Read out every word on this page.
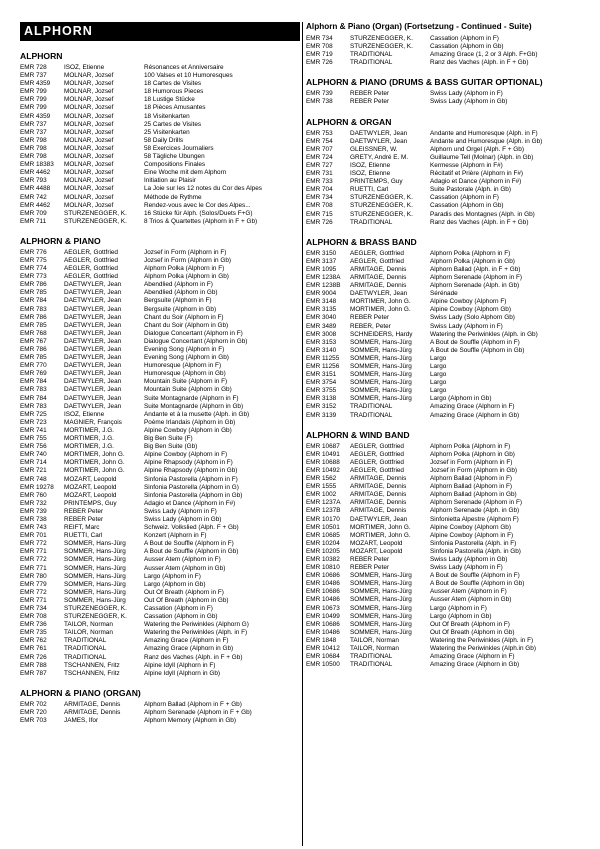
ALPHORN
ALPHORN
EMR 728	ISOZ, Etienne	Résonances et Anniversaire
EMR 737	MOLNAR, Jozsef	100 Valses et 10 Humoresques
EMR 4359	MOLNAR, Jozsef	18 Cartes de Visites
EMR 799	MOLNAR, Jozsef	18 Humorous Pieces
EMR 799	MOLNAR, Jozsef	18 Lustige Stücke
EMR 799	MOLNAR, Jozsef	18 Pièces Amusantes
EMR 4359	MOLNAR, Jozsef	18 Visitenkarten
EMR 737	MOLNAR, Jozsef	25 Cartes de Visites
EMR 737	MOLNAR, Jozsef	25 Visitenkarten
EMR 798	MOLNAR, Jozsef	58 Daily Drills
EMR 798	MOLNAR, Jozsef	58 Exercices Journaliers
EMR 798	MOLNAR, Jozsef	58 Tägliche Übungen
EMR 18383	MOLNAR, Jozsef	Compositions Finales
EMR 4462	MOLNAR, Jozsef	Eine Woche mit dem Alphorn
EMR 793	MOLNAR, Jozsef	Initiation au Plaisir
EMR 4488	MOLNAR, Jozsef	La Joie sur les 12 notes du Cor des Alpes
EMR 742	MOLNAR, Jozsef	Méthode de Rythme
EMR 4462	MOLNAR, Jozsef	Rendez-vous avec le Cor des Alpes...
EMR 709	STURZENEGGER, K.	16 Stücke für Alph. (Solos/Duets F+G)
EMR 711	STURZENEGGER, K.	8 Trios & Quartettes (Alphorn in F + Gb)
ALPHORN & PIANO
EMR 776	AEGLER, Gottfried	Jozsef in Form (Alphorn in F)
EMR 775	AEGLER, Gottfried	Jozsef in Form (Alphorn in Gb)
EMR 774	AEGLER, Gottfried	Alphorn Polka (Alphorn in F)
EMR 773	AEGLER, Gottfried	Alphorn Polka (Alphorn in Gb)
EMR 786	DAETWYLER, Jean	Abendlied (Alphorn in F)
EMR 785	DAETWYLER, Jean	Abendlied (Alphorn in Gb)
EMR 784	DAETWYLER, Jean	Bergsuite (Alphorn in F)
EMR 783	DAETWYLER, Jean	Bergsuite (Alphorn in Gb)
EMR 786	DAETWYLER, Jean	Chant du Soir (Alphorn in F)
EMR 785	DAETWYLER, Jean	Chant du Soir (Alphorn in Gb)
EMR 768	DAETWYLER, Jean	Dialogue Concertant (Alphorn in F)
EMR 767	DAETWYLER, Jean	Dialogue Concertant (Alphorn in Gb)
EMR 786	DAETWYLER, Jean	Evening Song (Alphorn in F)
EMR 785	DAETWYLER, Jean	Evening Song (Alphorn in Gb)
EMR 770	DAETWYLER, Jean	Humoresque (Alphorn in F)
EMR 769	DAETWYLER, Jean	Humoresque (Alphorn in Gb)
EMR 784	DAETWYLER, Jean	Mountain Suite (Alphorn in F)
EMR 783	DAETWYLER, Jean	Mountain Suite (Alphorn in Gb)
EMR 784	DAETWYLER, Jean	Suite Montagnarde (Alphorn in F)
EMR 783	DAETWYLER, Jean	Suite Montagnarde (Alphorn in Gb)
EMR 725	ISOZ, Etienne	Andante et à la musette (Alph. in Gb)
EMR 723	MAGNIER, François	Poème Irlandais (Alphorn in Gb)
EMR 741	MORTIMER, J.G.	Alpine Cowboy (Alphorn in Gb)
EMR 755	MORTIMER, J.G.	Big Ben Suite (F)
EMR 756	MORTIMER, J.G.	Big Ben Suite (Gb)
EMR 740	MORTIMER, John G.	Alpine Cowboy (Alphorn in F)
EMR 714	MORTIMER, John G.	Alpine Rhapsody (Alphorn in F)
EMR 721	MORTIMER, John G.	Alpine Rhapsody (Alphorn in Gb)
EMR 748	MOZART, Leopold	Sinfonia Pastorella (Alphorn in F)
EMR 19278	MOZART, Leopold	Sinfonia Pastorella (Alphorn in G)
EMR 760	MOZART, Leopold	Sinfonia Pastorella (Alphorn in Gb)
EMR 732	PRINTEMPS, Guy	Adagio et Dance (Alphorn in F#)
EMR 739	REBER Peter	Swiss Lady (Alphorn in F)
EMR 738	REBER Peter	Swiss Lady (Alphorn in Gb)
EMR 743	REIFT, Marc	Schweiz. Volkslied (Alph. F + Gb)
EMR 701	RUETTI, Carl	Konzert (Alphorn in F)
EMR 772	SOMMER, Hans-Jürg	A Bout de Souffle (Alphorn in F)
EMR 771	SOMMER, Hans-Jürg	A Bout de Souffle (Alphorn in Gb)
EMR 772	SOMMER, Hans-Jürg	Ausser Atem (Alphorn in F)
EMR 771	SOMMER, Hans-Jürg	Ausser Atem (Alphorn in Gb)
EMR 780	SOMMER, Hans-Jürg	Largo (Alphorn in F)
EMR 779	SOMMER, Hans-Jürg	Largo (Alphorn in Gb)
EMR 772	SOMMER, Hans-Jürg	Out Of Breath (Alphorn in F)
EMR 771	SOMMER, Hans-Jürg	Out Of Breath (Alphorn in Gb)
EMR 734	STURZENEGGER, K.	Cassation (Alphorn in F)
EMR 708	STURZENEGGER, K.	Cassation (Alphorn in Gb)
EMR 736	TAILOR, Norman	Watering the Periwinkles (Alphorn G)
EMR 735	TAILOR, Norman	Watering the Periwinkles (Alph. in F)
EMR 762	TRADITIONAL	Amazing Grace (Alphorn in F)
EMR 761	TRADITIONAL	Amazing Grace (Alphorn in Gb)
EMR 726	TRADITIONAL	Ranz des Vaches (Alph. in F + Gb)
EMR 788	TSCHANNEN, Fritz	Alpine Idyll (Alphorn in F)
EMR 787	TSCHANNEN, Fritz	Alpine Idyll (Alphorn in Gb)
ALPHORN & PIANO (ORGAN)
EMR 702	ARMITAGE, Dennis	Alphorn Ballad (Alphorn in F + Gb)
EMR 720	ARMITAGE, Dennis	Alphorn Serenade (Alphorn in F + Gb)
EMR 703	JAMES, Ifor	Alphorn Memory (Alphorn in Gb)
Alphorn & Piano (Organ) (Fortsetzung - Continued - Suite)
EMR 734	STURZENEGGER, K.	Cassation (Alphorn in F)
EMR 708	STURZENEGGER, K.	Cassation (Alphorn in Gb)
EMR 719	TRADITIONAL	Amazing Grace (1, 2 or 3 Alph. F+Gb)
EMR 726	TRADITIONAL	Ranz des Vaches (Alph. in F + Gb)
ALPHORN & PIANO (DRUMS & BASS GUITAR OPTIONAL)
EMR 739	REBER Peter	Swiss Lady (Alphorn in F)
EMR 738	REBER Peter	Swiss Lady (Alphorn in Gb)
ALPHORN & ORGAN
EMR 753	DAETWYLER, Jean	Andante and Humoresque (Alph. in F)
EMR 754	DAETWYLER, Jean	Andante and Humoresque (Alph. in Gb)
EMR 707	GLEISSNER, W.	Alphorn und Orgel (Alph. F + Gb)
EMR 724	GRETY, André E. M.	Guillaume Tell (Molnar) (Alph. in Gb)
EMR 727	ISOZ, Etienne	Kermesse (Alphorn in F#)
EMR 731	ISOZ, Etienne	Récitatif et Prière (Alphorn in F#)
EMR 733	PRINTEMPS, Guy	Adagio et Dance (Alphorn in F#)
EMR 704	RUETTI, Carl	Suite Pastorale (Alph. in Gb)
EMR 734	STURZENEGGER, K.	Cassation (Alphorn in F)
EMR 708	STURZENEGGER, K.	Cassation (Alphorn in Gb)
EMR 715	STURZENEGGER, K.	Paradis des Montagnes (Alph. in Gb)
EMR 726	TRADITIONAL	Ranz des Vaches (Alph. in F + Gb)
ALPHORN & BRASS BAND
EMR 3150	AEGLER, Gottfried	Alphorn Polka (Alphorn in F)
EMR 3137	AEGLER, Gottfried	Alphorn Polka (Alphorn in Gb)
EMR 1095	ARMITAGE, Dennis	Alphorn Ballad (Alph. in F + Gb)
EMR 1238A	ARMITAGE, Dennis	Alphorn Serenade (Alphorn in F)
EMR 1238B	ARMITAGE, Dennis	Alphorn Serenade (Alph. in Gb)
EMR 9004	DAETWYLER, Jean	Sérénade
EMR 3148	MORTIMER, John G.	Alpine Cowboy (Alphorn F)
EMR 3135	MORTIMER, John G.	Alpine Cowboy (Alphorn Gb)
EMR 3040	REBER Peter	Swiss Lady (Solo Alphorn Gb)
EMR 3489	REBER, Peter	Swiss Lady (Alphorn in F)
EMR 3008	SCHNEIDERS, Hardy	Watering the Periwinkles (Alph. in Gb)
EMR 3153	SOMMER, Hans-Jürg	A Bout de Souffle (Alphorn in F)
EMR 3140	SOMMER, Hans-Jürg	A Bout de Souffle (Alphorn in Gb)
EMR 11255	SOMMER, Hans-Jürg	Largo
EMR 11256	SOMMER, Hans-Jürg	Largo
EMR 3151	SOMMER, Hans-Jürg	Largo
EMR 3754	SOMMER, Hans-Jürg	Largo
EMR 3755	SOMMER, Hans-Jürg	Largo
EMR 3138	SOMMER, Hans-Jürg	Largo (Alphorn in Gb)
EMR 3152	TRADITIONAL	Amazing Grace (Alphorn in F)
EMR 3139	TRADITIONAL	Amazing Grace (Alphorn in Gb)
ALPHORN & WIND BAND
EMR 10687	AEGLER, Gottfried	Alphorn Polka (Alphorn in F)
EMR 10491	AEGLER, Gottfried	Alphorn Polka (Alphorn in Gb)
EMR 10688	AEGLER, Gottfried	Jozsef in Form (Alphorn in F)
EMR 10492	AEGLER, Gottfried	Jozsef in Form (Alphorn in Gb)
EMR 1562	ARMITAGE, Dennis	Alphorn Ballad (Alphorn in F)
EMR 1555	ARMITAGE, Dennis	Alphorn Ballad (Alphorn in F)
EMR 1002	ARMITAGE, Dennis	Alphorn Ballad (Alphorn in Gb)
EMR 1237A	ARMITAGE, Dennis	Alphorn Serenade (Alphorn in F)
EMR 1237B	ARMITAGE, Dennis	Alphorn Serenade (Alph. in Gb)
EMR 10170	DAETWYLER, Jean	Sinfonietta Alpestre (Alphorn F)
EMR 10501	MORTIMER, John G.	Alpine Cowboy (Alphorn Gb)
EMR 10685	MORTIMER, John G.	Alpine Cowboy (Alphorn in F)
EMR 10204	MOZART, Leopold	Sinfonia Pastorella (Alph. in F)
EMR 10205	MOZART, Leopold	Sinfonia Pastorella (Alph. in Gb)
EMR 10382	REBER Peter	Swiss Lady (Alphorn in Gb)
EMR 10810	REBER Peter	Swiss Lady (Alphorn in F)
EMR 10686	SOMMER, Hans-Jürg	A Bout de Souffle (Alphorn in F)
EMR 10486	SOMMER, Hans-Jürg	A Bout de Souffle (Alphorn in Gb)
EMR 10686	SOMMER, Hans-Jürg	Ausser Atem (Alphorn in F)
EMR 10486	SOMMER, Hans-Jürg	Ausser Atem (Alphorn in Gb)
EMR 10673	SOMMER, Hans-Jürg	Largo (Alphorn in F)
EMR 10499	SOMMER, Hans-Jürg	Largo (Alphorn in Gb)
EMR 10686	SOMMER, Hans-Jürg	Out Of Breath (Alphorn in F)
EMR 10486	SOMMER, Hans-Jürg	Out Of Breath (Alphorn in Gb)
EMR 1848	TAILOR, Norman	Watering the Periwinkles (Alph. in F)
EMR 10412	TAILOR, Norman	Watering the Periwinkles (Alph.in Gb)
EMR 10684	TRADITIONAL	Amazing Grace (Alphorn in F)
EMR 10500	TRADITIONAL	Amazing Grace (Alphorn in Gb)
